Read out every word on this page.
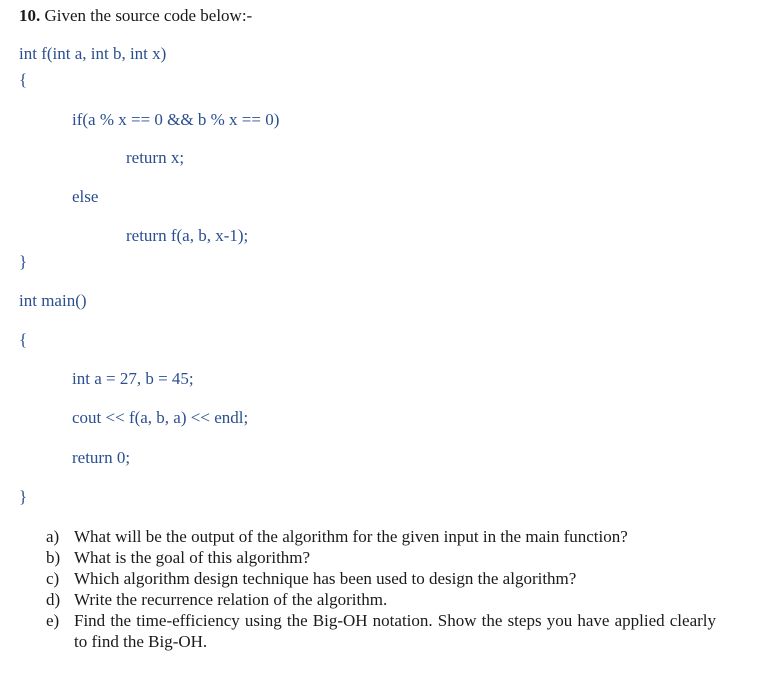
10. Given the source code below:-
int f(int a, int b, int x)
{
if(a % x == 0 && b % x == 0)
return x;
else
return f(a, b, x-1);
}
int main()
{
int a = 27, b = 45;
cout << f(a, b, a) << endl;
return 0;
}
a) What will be the output of the algorithm for the given input in the main function?
b) What is the goal of this algorithm?
c) Which algorithm design technique has been used to design the algorithm?
d) Write the recurrence relation of the algorithm.
e) Find the time-efficiency using the Big-OH notation. Show the steps you have applied clearly to find the Big-OH.
